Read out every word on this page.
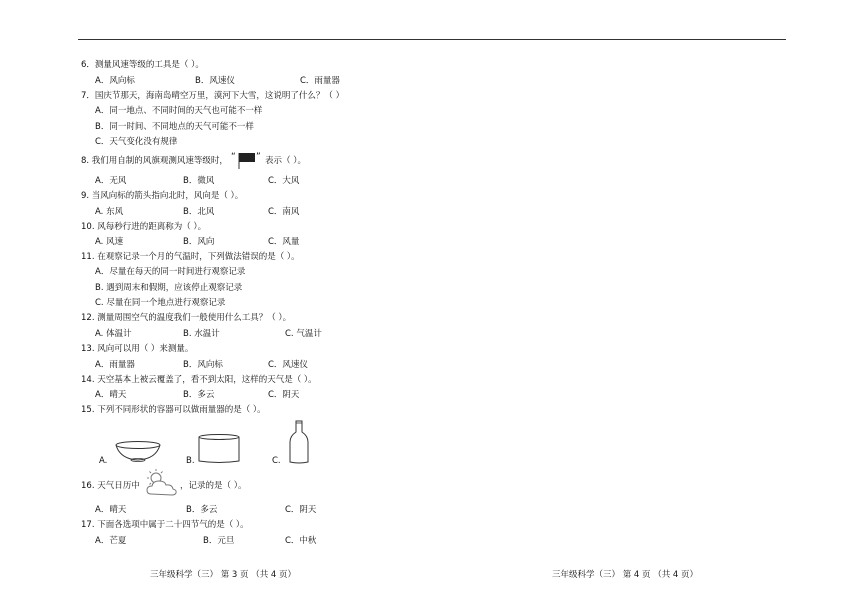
6．测量风速等级的工具是（ ）。
A．风向标	B．风速仪	C．雨量器
7．国庆节那天，海南岛晴空万里，漠河下大雪，这说明了什么？（ ）
A．同一地点、不同时间的天气也可能不一样
B．同一时间、不同地点的天气可能不一样
C．天气变化没有规律
8. 我们用自制的风旗观测风速等级时， “ ” 表示（ ）。
A．无风	B．微风	C．大风
9. 当风向标的箭头指向北时，风向是（ ）。
A. 东风	B．北风	C．南风
10. 风每秒行进的距离称为（ ）。
A. 风速	B．风向	C．风量
11. 在观察记录一个月的气温时，下列做法错误的是（ ）。
A．尽量在每天的同一时间进行观察记录
B. 遇到周末和假期，应该停止观察记录
C. 尽量在同一个地点进行观察记录
12. 测量周围空气的温度我们一般使用什么工具？（ ）。
A. 体温计	B. 水温计	C. 气温计
13. 风向可以用（ ）来测量。
A．雨量器	B．风向标	C．风速仪
14. 天空基本上被云覆盖了，看不到太阳，这样的天气是（ ）。
A．晴天	B．多云	C．阴天
15. 下列不同形状的容器可以做雨量器的是（ ）。
A.	B.	C.
16. 天气日历中	，记录的是（ ）。
A．晴天	B．多云	C．阴天
17. 下面各选项中属于二十四节气的是（ ）。
A．芒夏	B．元旦	C．中秋
三年级科学（三） 第 3 页 （共 4 页）	三年级科学（三） 第 4 页 （共 4 页）
